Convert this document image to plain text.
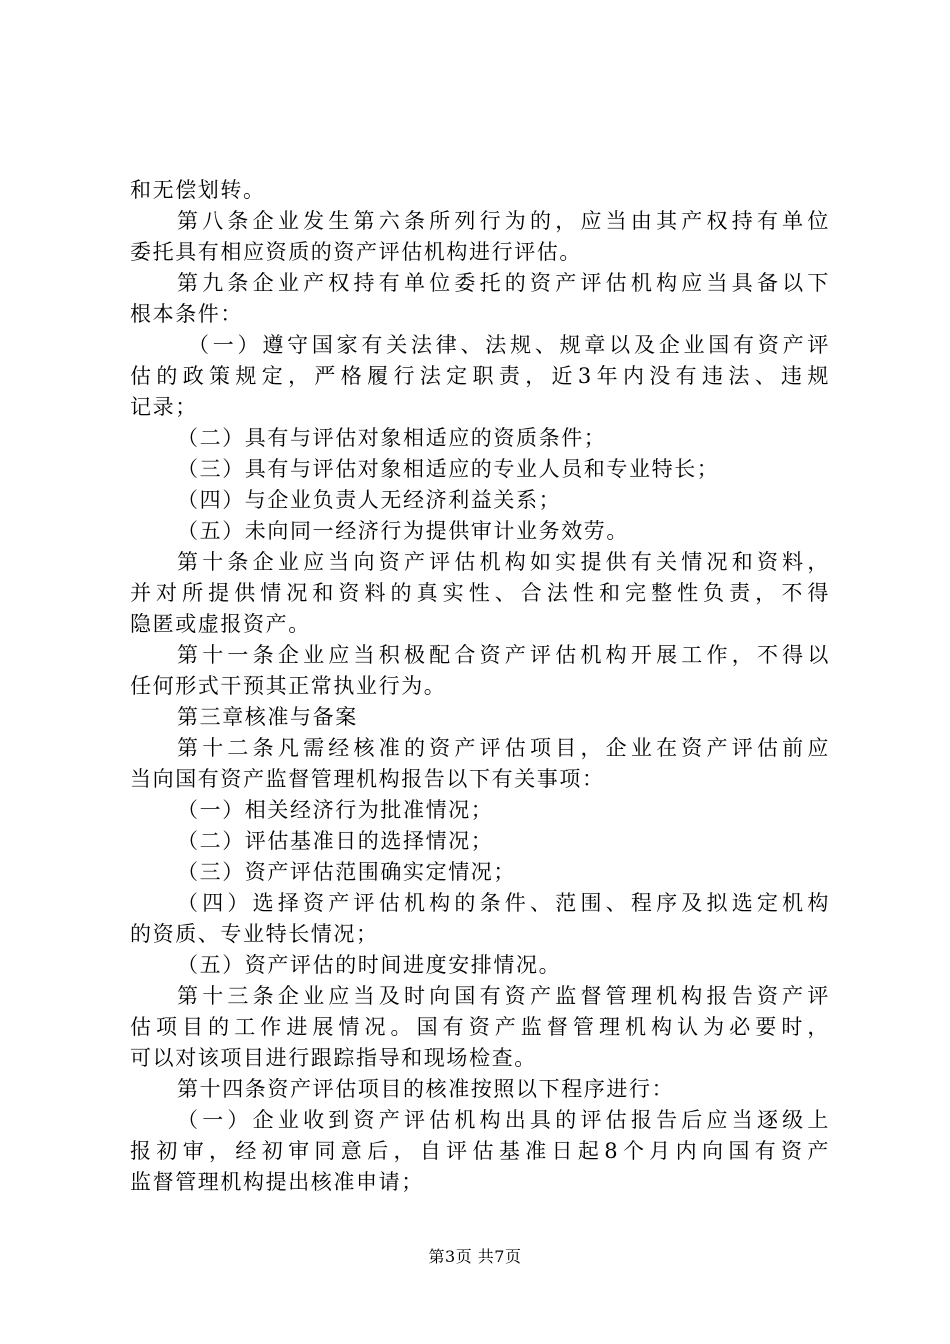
和无偿划转。
第八条企业发生第六条所列行为的，应当由其产权持有单位
委托具有相应资质的资产评估机构进行评估。
第九条企业产权持有单位委托的资产评估机构应当具备以下
根本条件：
（一）遵守国家有关法律、法规、规章以及企业国有资产评
估的政策规定，严格履行法定职责，近3年内没有违法、违规
记录；
（二）具有与评估对象相适应的资质条件；
（三）具有与评估对象相适应的专业人员和专业特长；
（四）与企业负责人无经济利益关系；
（五）未向同一经济行为提供审计业务效劳。
第十条企业应当向资产评估机构如实提供有关情况和资料，
并对所提供情况和资料的真实性、合法性和完整性负责，不得
隐匿或虚报资产。
第十一条企业应当积极配合资产评估机构开展工作，不得以
任何形式干预其正常执业行为。
第三章核准与备案
第十二条凡需经核准的资产评估项目，企业在资产评估前应
当向国有资产监督管理机构报告以下有关事项：
（一）相关经济行为批准情况；
（二）评估基准日的选择情况；
（三）资产评估范围确实定情况；
（四）选择资产评估机构的条件、范围、程序及拟选定机构
的资质、专业特长情况；
（五）资产评估的时间进度安排情况。
第十三条企业应当及时向国有资产监督管理机构报告资产评
估项目的工作进展情况。国有资产监督管理机构认为必要时，
可以对该项目进行跟踪指导和现场检查。
第十四条资产评估项目的核准按照以下程序进行：
（一）企业收到资产评估机构出具的评估报告后应当逐级上
报初审，经初审同意后，自评估基准日起8个月内向国有资产
监督管理机构提出核准申请；
第3页 共7页
